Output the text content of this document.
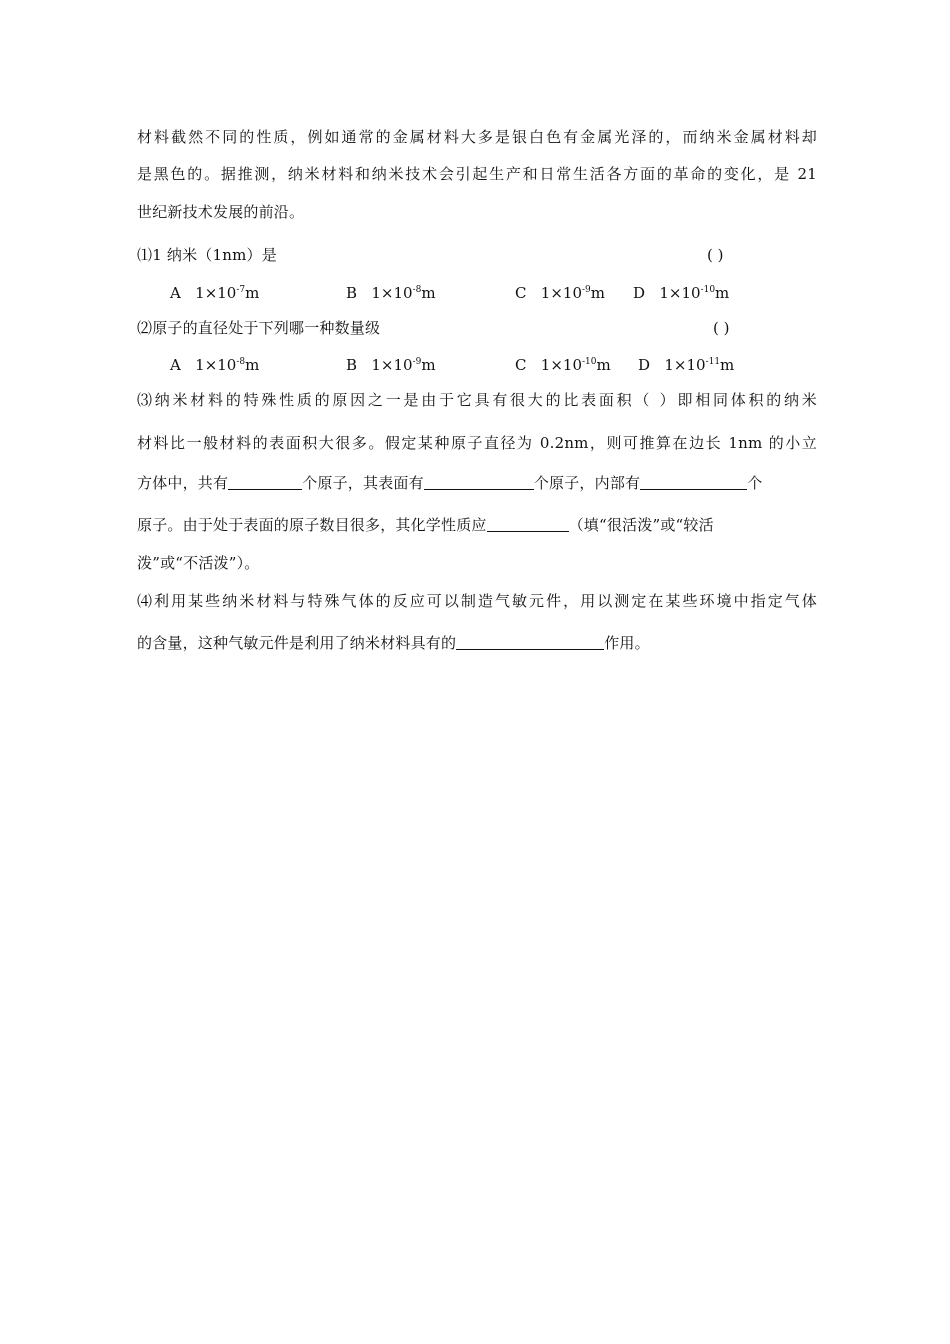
材料截然不同的性质，例如通常的金属材料大多是银白色有金属光泽的，而纳米金属材料却
是黑色的。据推测，纳米材料和纳米技术会引起生产和日常生活各方面的革命的变化，是 21
世纪新技术发展的前沿。
⑴1 纳米（1nm）是	( )
A $1\times 10^{-7}m$	B $1\times 10^{-8}m$	C $1\times 10^{-9}m$ D $1\times 10^{-10}m$
⑵原子的直径处于下列哪一种数量级	( )
A $1\times 10^{-8}m$	B $1\times 10^{-9}m$	C $1\times 10^{-10}m$ D $1\times 10^{-11}m$
⑶纳米材料的特殊性质的原因之一是由于它具有很大的比表面积（ ）即相同体积的纳米
材料比一般材料的表面积大很多。假定某种原子直径为 0.2nm，则可推算在边长 1nm 的小立
方体中，共有	个原子，其表面有	个原子，内部有	个
原子。由于处于表面的原子数目很多，其化学性质应	（填“很活泼”或“较活
泼”或“不活泼”）。
⑷利用某些纳米材料与特殊气体的反应可以制造气敏元件，用以测定在某些环境中指定气体
的含量，这种气敏元件是利用了纳米材料具有的	作用。
